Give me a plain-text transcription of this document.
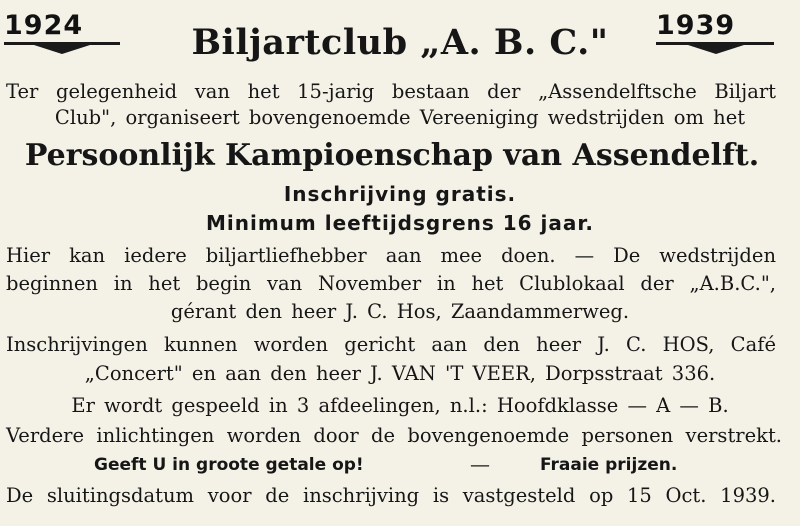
1924	1939
Biljartclub „A. B. C."
Ter gelegenheid van het 15-jarig bestaan der „Assendelftsche Biljart
Club", organiseert bovengenoemde Vereeniging wedstrijden om het
Persoonlijk Kampioenschap van Assendelft.
Inschrijving gratis.
Minimum leeftijdsgrens 16 jaar.
Hier kan iedere biljartliefhebber aan mee doen. — De wedstrijden
beginnen in het begin van November in het Clublokaal der „A.B.C.",
gérant den heer J. C. Hos, Zaandammerweg.
Inschrijvingen kunnen worden gericht aan den heer J. C. HOS, Café
„Concert" en aan den heer J. VAN 'T VEER, Dorpsstraat 336.
Er wordt gespeeld in 3 afdeelingen, n.l.: Hoofdklasse — A — B.
Verdere inlichtingen worden door de bovengenoemde personen verstrekt.
Geeft U in groote getale op!	—	Fraaie prijzen.
De sluitingsdatum voor de inschrijving is vastgesteld op 15 Oct. 1939.
